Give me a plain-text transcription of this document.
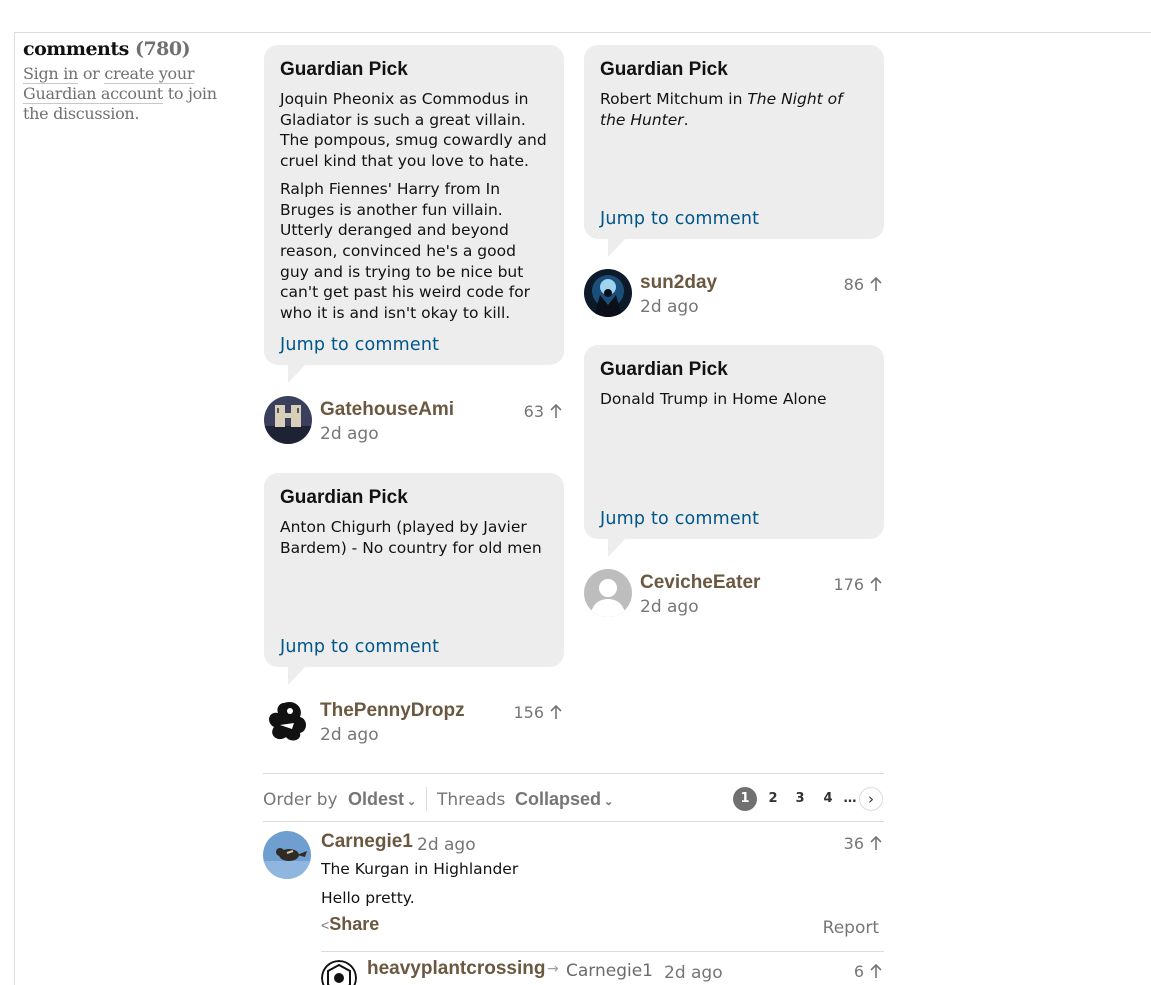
comments (780)
Sign in or create your Guardian account to join the discussion.
Guardian Pick

Joquin Pheonix as Commodus in Gladiator is such a great villain. The pompous, smug cowardly and cruel kind that you love to hate.

Ralph Fiennes' Harry from In Bruges is another fun villain. Utterly deranged and beyond reason, convinced he's a good guy and is trying to be nice but can't get past his weird code for who it is and isn't okay to kill.

Jump to comment
GatehouseAmi
2d ago
63
Guardian Pick

Robert Mitchum in The Night of the Hunter.

Jump to comment
sun2day
2d ago
86
Guardian Pick

Donald Trump in Home Alone

Jump to comment
CevicheEater
2d ago
176
Guardian Pick

Anton Chigurh (played by Javier Bardem) - No country for old men

Jump to comment
ThePennyDropz
2d ago
156
Order by Oldest ⌄ Threads Collapsed ⌄	1	2	3	4 … ›
Carnegie1 2d ago	36
The Kurgan in Highlander
Hello pretty.
<Share	Report
heavyplantcrossing → Carnegie1 2d ago	6
